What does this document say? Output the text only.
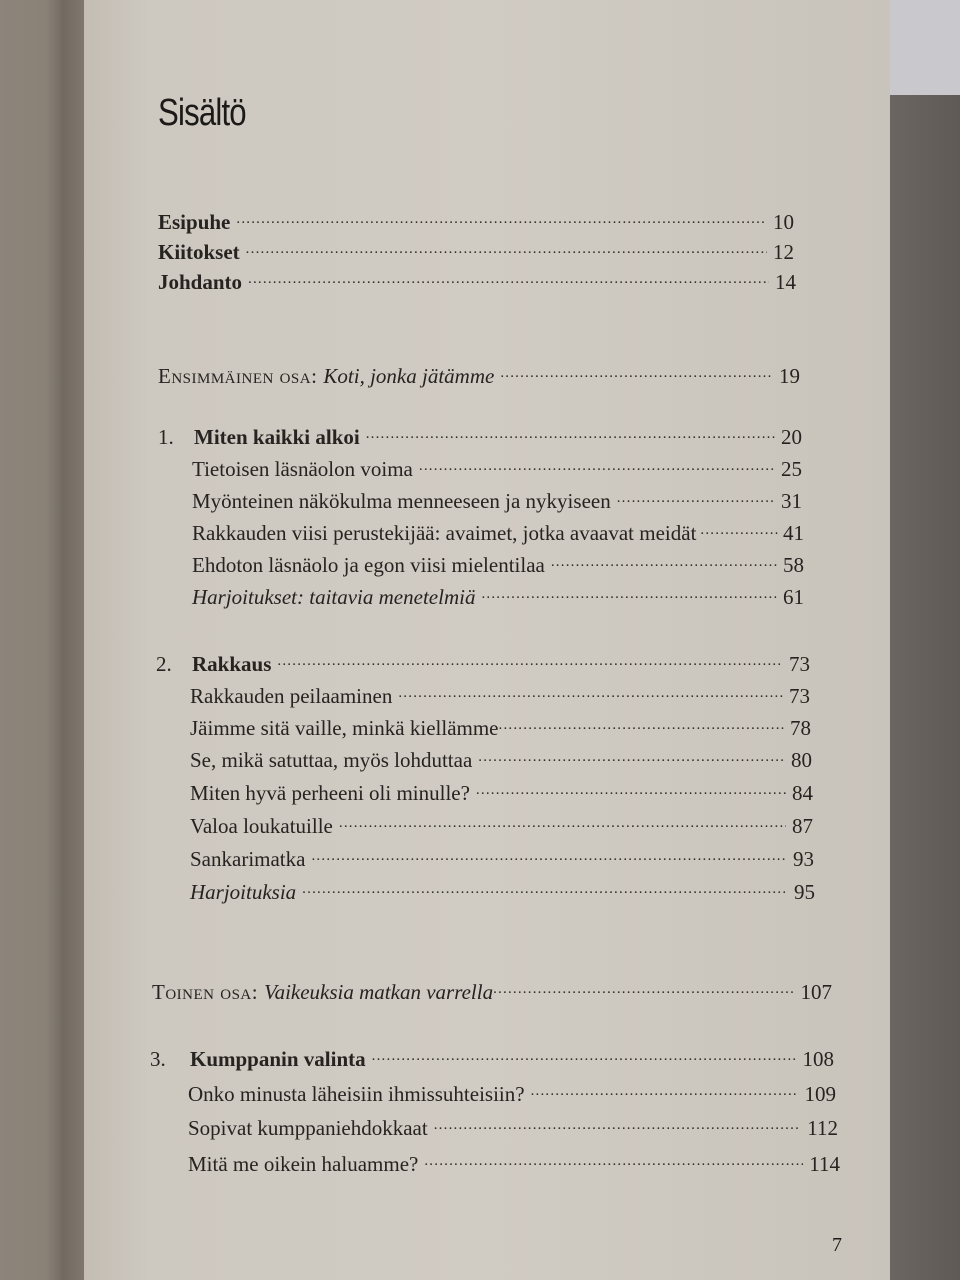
Sisältö
Esipuhe .....	10
Kiitokset .....	12
Johdanto .....	14
Ensimmäinen osa: Koti, jonka jätämme .....	19
1. Miten kaikki alkoi .....	20
Tietoisen läsnäolon voima .....	25
Myönteinen näkökulma menneeseen ja nykyiseen .....	31
Rakkauden viisi perustekijää: avaimet, jotka avaavat meidät .....	41
Ehdoton läsnäolo ja egon viisi mielentilaa .....	58
Harjoitukset: taitavia menetelmiä .....	61
2. Rakkaus .....	73
Rakkauden peilaaminen .....	73
Jäimme sitä vaille, minkä kiellämme .....	78
Se, mikä satuttaa, myös lohduttaa .....	80
Miten hyvä perheeni oli minulle? .....	84
Valoa loukatuille .....	87
Sankarimatka .....	93
Harjoituksia .....	95
Toinen osa: Vaikeuksia matkan varrella .....	107
3.	Kumppanin valinta .....	108
Onko minusta läheisiin ihmissuhteisiin? .....	109
Sopivat kumppaniehdokkaat .....	112
Mitä me oikein haluamme? .....	114
7
